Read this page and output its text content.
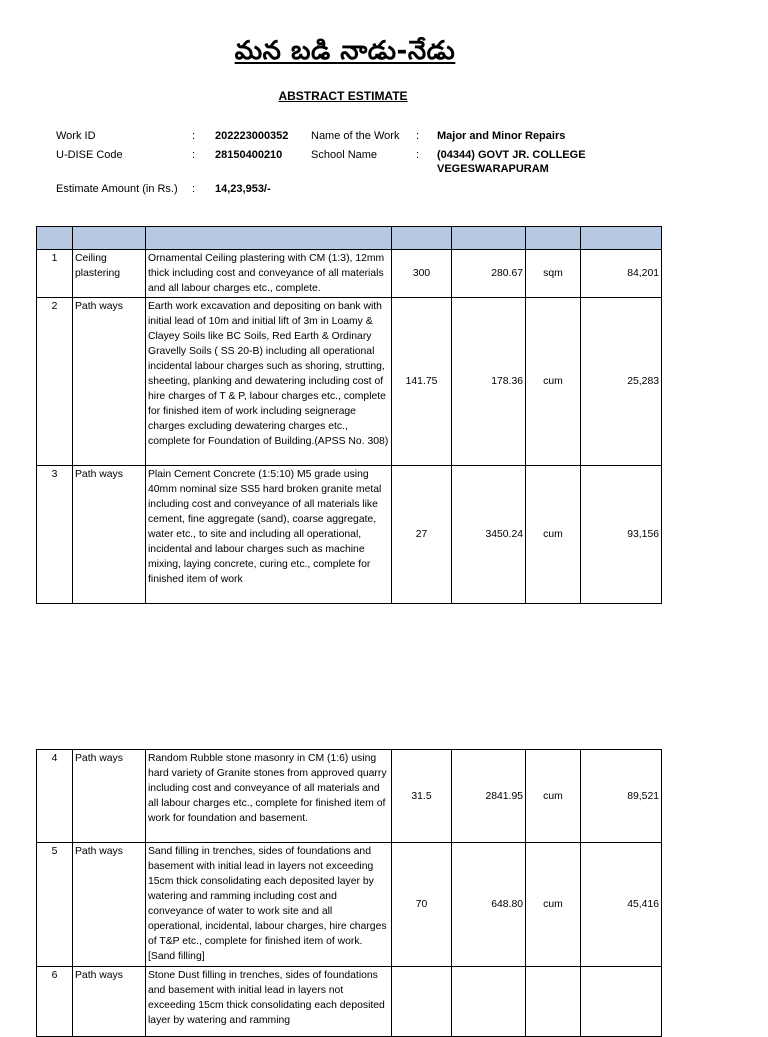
మన బడి నాడు-నేడు
ABSTRACT ESTIMATE
Work ID	: 202223000352 Name of the Work : Major and Minor Repairs
U-DISE Code	: 28150400210	School Name	: (04344) GOVT JR. COLLEGE VEGESWARAPURAM
Estimate Amount (in Rs.) : 14,23,953/-

1	Ceiling plastering	Ornamental Ceiling plastering with CM (1:3), 12mm thick including cost and conveyance of all materials and all labour charges etc., complete.	300	280.67	sqm	84,201
2	Path ways	Earth work excavation and depositing on bank with initial lead of 10m and initial lift of 3m in Loamy & Clayey Soils like BC Soils, Red Earth & Ordinary Gravelly Soils ( SS 20-B) including all operational incidental labour charges such as shoring, strutting, sheeting, planking and dewatering including cost of hire charges of T & P, labour charges etc., complete for finished item of work including seignerage charges excluding dewatering charges etc., complete for Foundation of Building.(APSS No. 308)	141.75	178.36	cum	25,283
3	Path ways	Plain Cement Concrete (1:5:10) M5 grade using 40mm nominal size SS5 hard broken granite metal including cost and conveyance of all materials like cement, fine aggregate (sand), coarse aggregate, water etc., to site and including all operational, incidental and labour charges such as machine mixing, laying concrete, curing etc., complete for finished item of work	27	3450.24	cum	93,156
4	Path ways	Random Rubble stone masonry in CM (1:6) using hard variety of Granite stones from approved quarry including cost and conveyance of all materials and all labour charges etc., complete for finished item of work for foundation and basement.	31.5	2841.95	cum	89,521
5	Path ways	Sand filling in trenches, sides of foundations and basement with initial lead in layers not exceeding 15cm thick consolidating each deposited layer by watering and ramming including cost and conveyance of water to work site and all operational, incidental, labour charges, hire charges of T&P etc., complete for finished item of work.[Sand filling]	70	648.80	cum	45,416
6	Path ways	Stone Dust filling in trenches, sides of foundations and basement with initial lead in layers not exceeding 15cm thick consolidating each deposited layer by watering and ramming				
